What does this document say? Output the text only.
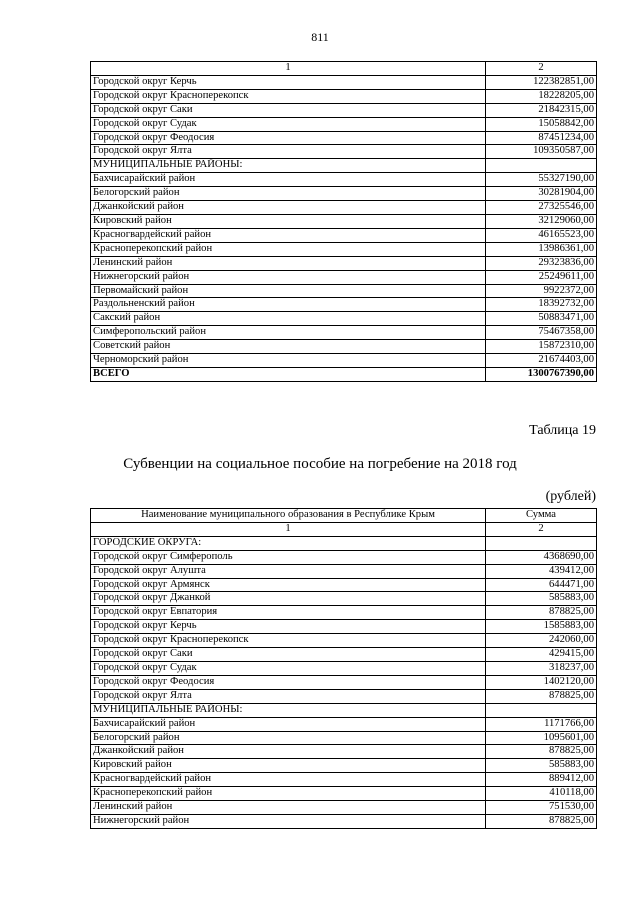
811
1	2
Городской округ Керчь	122382851,00
Городской округ Красноперекопск	18228205,00
Городской округ Саки	21842315,00
Городской округ Судак	15058842,00
Городской округ Феодосия	87451234,00
Городской округ Ялта	109350587,00
МУНИЦИПАЛЬНЫЕ РАЙОНЫ:	
Бахчисарайский район	55327190,00
Белогорский район	30281904,00
Джанкойский район	27325546,00
Кировский район	32129060,00
Красногвардейский район	46165523,00
Красноперекопский район	13986361,00
Ленинский район	29323836,00
Нижнегорский район	25249611,00
Первомайский район	9922372,00
Раздольненский район	18392732,00
Сакский район	50883471,00
Симферопольский район	75467358,00
Советский район	15872310,00
Черноморский район	21674403,00
ВСЕГО	1300767390,00
Таблица 19
Субвенции на социальное пособие на погребение на 2018 год
(рублей)
Наименование муниципального образования в Республике Крым	Сумма
1	2
ГОРОДСКИЕ ОКРУГА:	
Городской округ Симферополь	4368690,00
Городской округ Алушта	439412,00
Городской округ Армянск	644471,00
Городской округ Джанкой	585883,00
Городской округ Евпатория	878825,00
Городской округ Керчь	1585883,00
Городской округ Красноперекопск	242060,00
Городской округ Саки	429415,00
Городской округ Судак	318237,00
Городской округ Феодосия	1402120,00
Городской округ Ялта	878825,00
МУНИЦИПАЛЬНЫЕ РАЙОНЫ:	
Бахчисарайский район	1171766,00
Белогорский район	1095601,00
Джанкойский район	878825,00
Кировский район	585883,00
Красногвардейский район	889412,00
Красноперекопский район	410118,00
Ленинский район	751530,00
Нижнегорский район	878825,00
